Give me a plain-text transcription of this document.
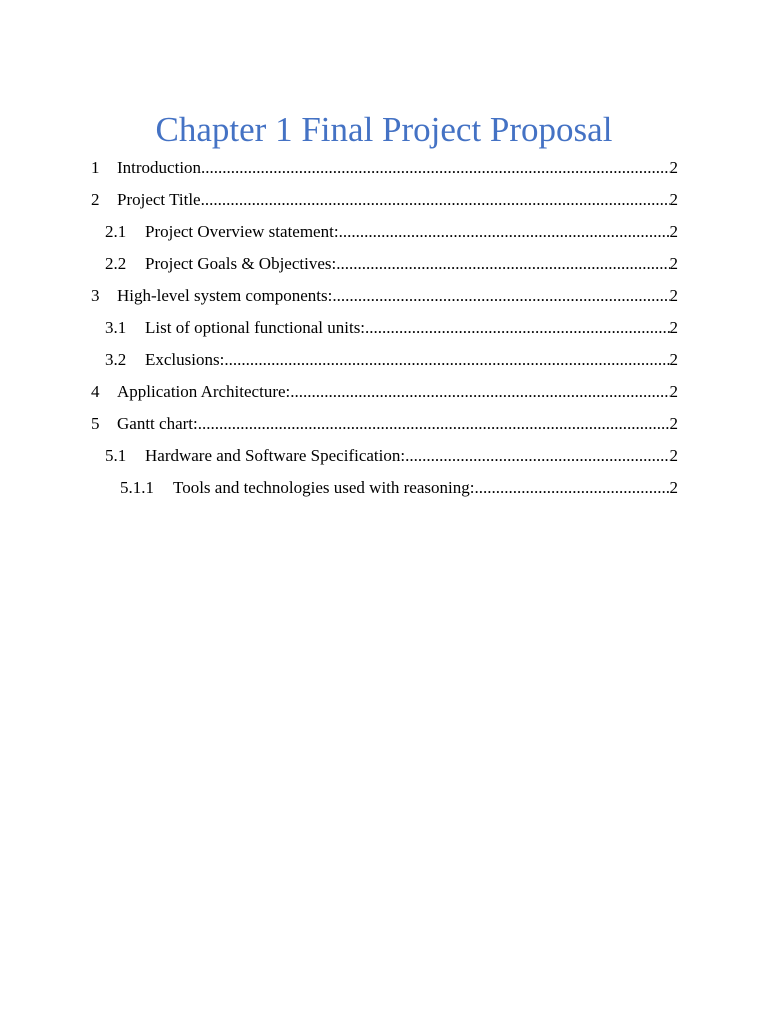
Chapter 1 Final Project Proposal
1 Introduction .....	2
2 Project Title .....	2
2.1 Project Overview statement: .....	2
2.2 Project Goals & Objectives: .....	2
3 High-level system components: .....	2
3.1 List of optional functional units: .....	2
3.2 Exclusions: .....	2
4 Application Architecture: .....	2
5 Gantt chart: .....	2
5.1 Hardware and Software Specification: .....	2
5.1.1 Tools and technologies used with reasoning: .....	2
